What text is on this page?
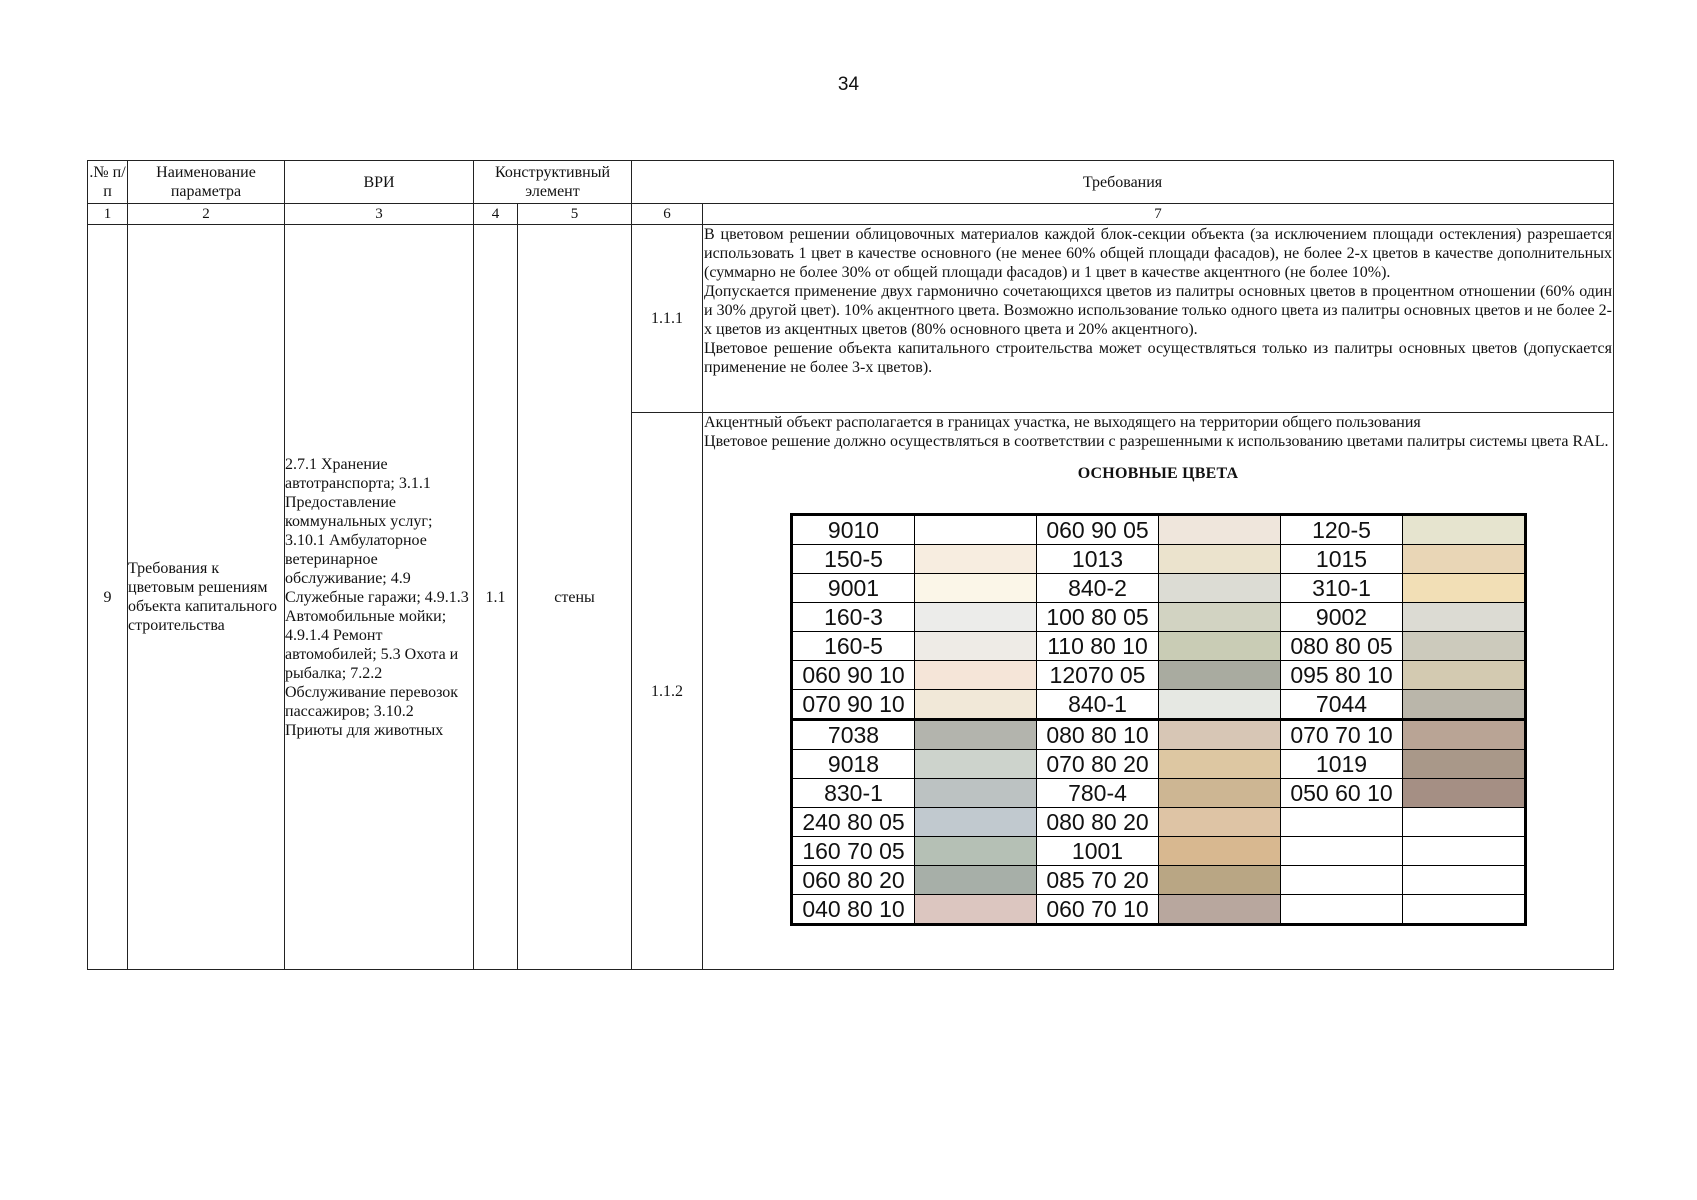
34
.№ п/п	Наименование параметра	ВРИ	Конструктивный элемент	Требования
1	2	3	4	5	6	7
9	Требования к цветовым решениям объекта капитального строительства	2.7.1 Хранение автотранспорта; 3.1.1 Предоставление коммунальных услуг; 3.10.1 Амбулаторное ветеринарное обслуживание; 4.9 Служебные гаражи; 4.9.1.3 Автомобильные мойки; 4.9.1.4 Ремонт автомобилей; 5.3 Охота и рыбалка; 7.2.2 Обслуживание перевозок пассажиров; 3.10.2 Приюты для животных	1.1	стены	1.1.1	

В цветовом решении облицовочных материалов каждой блок-секции объекта (за исключением площади остекления) разрешается использовать 1 цвет в качестве основного (не менее 60% общей площади фасадов), не более 2-х цветов в качестве дополнительных (суммарно не более 30% от общей площади фасадов) и 1 цвет в качестве акцентного (не более 10%).

Допускается применение двух гармонично сочетающихся цветов из палитры основных цветов в процентном отношении (60% один и 30% другой цвет). 10% акцентного цвета. Возможно использование только одного цвета из палитры основных цветов и не более 2-х цветов из акцентных цветов (80% основного цвета и 20% акцентного).

Цветовое решение объекта капитального строительства может осуществляться только из палитры основных цветов (допускается применение не более 3-х цветов).

1.1.2	

Акцентный объект располагается в границах участка, не выходящего на территории общего пользования

Цветовое решение должно осуществляться в соответствии с разрешенными к использованию цветами палитры системы цвета RAL.

ОСНОВНЫЕ ЦВЕТА
9010		060 90 05		120-5	
150-5		1013		1015	
9001		840-2		310-1	
160-3		100 80 05		9002	
160-5		110 80 10		080 80 05	
060 90 10		12070 05		095 80 10	
070 90 10		840-1		7044	
7038		080 80 10		070 70 10	
9018		070 80 20		1019	
830-1		780-4		050 60 10	
240 80 05		080 80 20			
160 70 05		1001			
060 80 20		085 70 20			
040 80 10		060 70 10			
